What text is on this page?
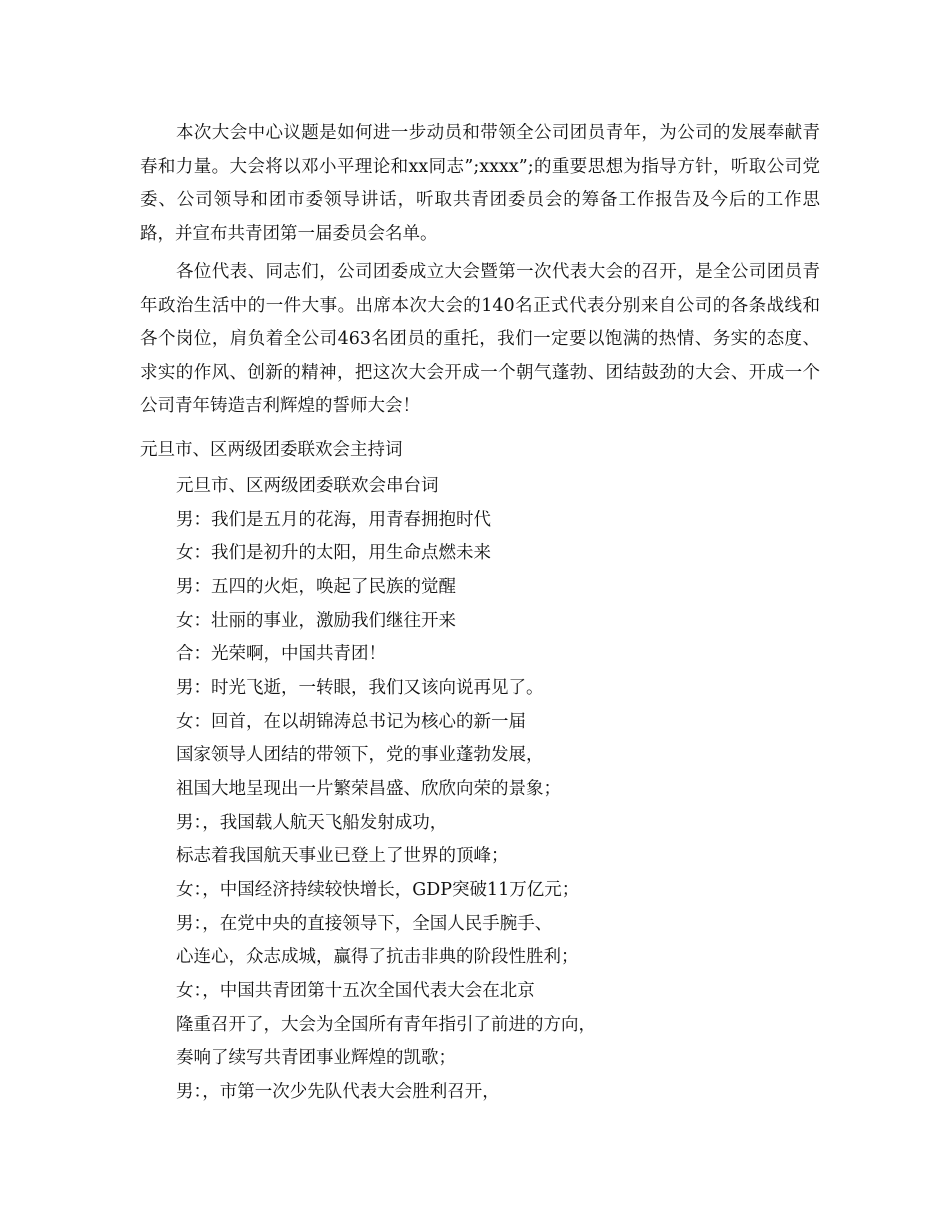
本次大会中心议题是如何进一步动员和带领全公司团员青年，为公司的发展奉献青春和力量。大会将以邓小平理论和xx同志”;xxxx”;的重要思想为指导方针，听取公司党委、公司领导和团市委领导讲话，听取共青团委员会的筹备工作报告及今后的工作思路，并宣布共青团第一届委员会名单。

各位代表、同志们，公司团委成立大会暨第一次代表大会的召开，是全公司团员青年政治生活中的一件大事。出席本次大会的140名正式代表分别来自公司的各条战线和各个岗位，肩负着全公司463名团员的重托，我们一定要以饱满的热情、务实的态度、求实的作风、创新的精神，把这次大会开成一个朝气蓬勃、团结鼓劲的大会、开成一个公司青年铸造吉利辉煌的誓师大会！

元旦市、区两级团委联欢会主持词
元旦市、区两级团委联欢会串台词
男：我们是五月的花海，用青春拥抱时代
女：我们是初升的太阳，用生命点燃未来
男：五四的火炬，唤起了民族的觉醒
女：壮丽的事业，激励我们继往开来
合：光荣啊，中国共青团！
男：时光飞逝，一转眼，我们又该向说再见了。
女：回首，在以胡锦涛总书记为核心的新一届
国家领导人团结的带领下，党的事业蓬勃发展，
祖国大地呈现出一片繁荣昌盛、欣欣向荣的景象；
男：，我国载人航天飞船发射成功，
标志着我国航天事业已登上了世界的顶峰；
女：，中国经济持续较快增长，GDP突破11万亿元；
男：，在党中央的直接领导下，全国人民手腕手、
心连心，众志成城，赢得了抗击非典的阶段性胜利；
女：，中国共青团第十五次全国代表大会在北京
隆重召开了，大会为全国所有青年指引了前进的方向，
奏响了续写共青团事业辉煌的凯歌；
男：，市第一次少先队代表大会胜利召开，
